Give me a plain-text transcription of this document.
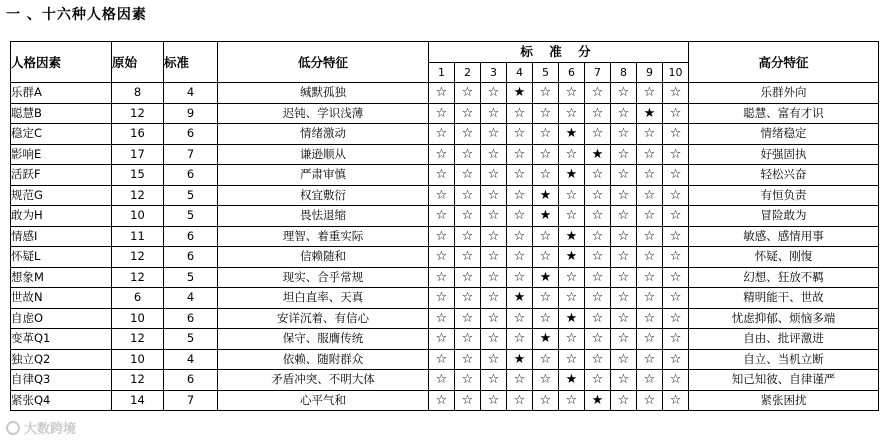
一 、十六种人格因素
人格因素	原始	标准	低分特征	标 准 分										高分特征
				1	2	3	4	5	6	7	8	9	10	
乐群A	8	4	缄默孤独	☆	☆	☆	★	☆	☆	☆	☆	☆	☆	乐群外向
聪慧B	12	9	迟钝、学识浅薄	☆	☆	☆	☆	☆	☆	☆	☆	★	☆	聪慧、富有才识
稳定C	16	6	情绪激动	☆	☆	☆	☆	☆	★	☆	☆	☆	☆	情绪稳定
影响E	17	7	谦逊顺从	☆	☆	☆	☆	☆	☆	★	☆	☆	☆	好强固执
活跃F	15	6	严肃审慎	☆	☆	☆	☆	☆	★	☆	☆	☆	☆	轻松兴奋
规范G	12	5	权宜敷衍	☆	☆	☆	☆	★	☆	☆	☆	☆	☆	有恒负责
敢为H	10	5	畏怯退缩	☆	☆	☆	☆	★	☆	☆	☆	☆	☆	冒险敢为
情感I	11	6	理智、着重实际	☆	☆	☆	☆	☆	★	☆	☆	☆	☆	敏感、感情用事
怀疑L	12	6	信赖随和	☆	☆	☆	☆	☆	★	☆	☆	☆	☆	怀疑、刚愎
想象M	12	5	现实、合乎常规	☆	☆	☆	☆	★	☆	☆	☆	☆	☆	幻想、狂放不羁
世故N	6	4	坦白直率、天真	☆	☆	☆	★	☆	☆	☆	☆	☆	☆	精明能干、世故
自虑O	10	6	安详沉着、有信心	☆	☆	☆	☆	☆	★	☆	☆	☆	☆	忧虑抑郁、烦恼多端
变革Q1	12	5	保守、服膺传统	☆	☆	☆	☆	★	☆	☆	☆	☆	☆	自由、批评激进
独立Q2	10	4	依赖、随附群众	☆	☆	☆	★	☆	☆	☆	☆	☆	☆	自立、当机立断
自律Q3	12	6	矛盾冲突、不明大体	☆	☆	☆	☆	☆	★	☆	☆	☆	☆	知己知彼、自律谨严
紧张Q4	14	7	心平气和	☆	☆	☆	☆	☆	☆	★	☆	☆	☆	紧张困扰
大数跨境
